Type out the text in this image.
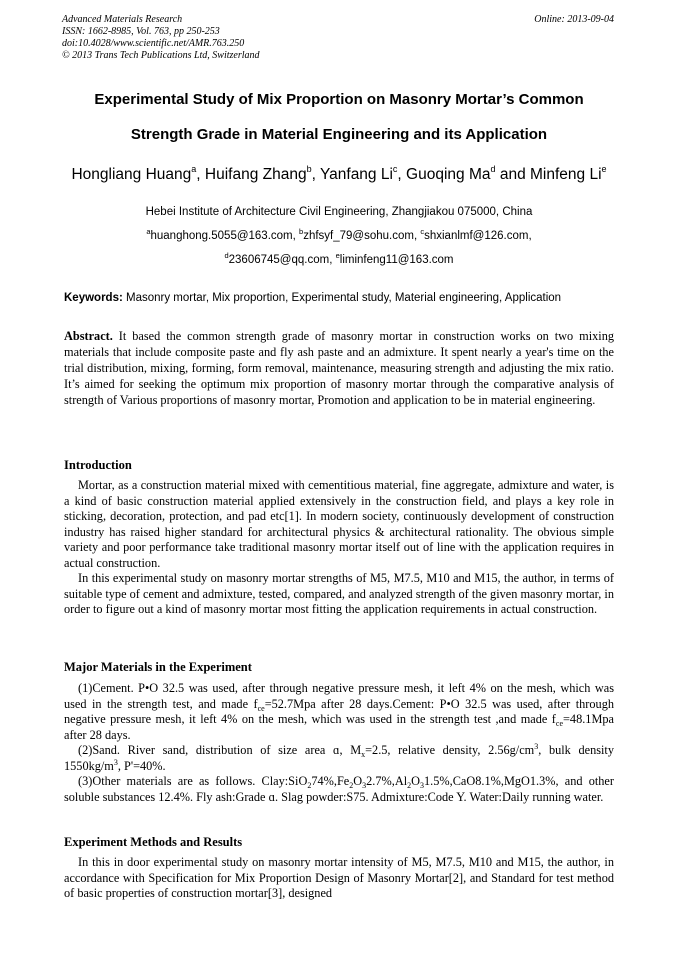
Advanced Materials Research
ISSN: 1662-8985, Vol. 763, pp 250-253
doi:10.4028/www.scientific.net/AMR.763.250
© 2013 Trans Tech Publications Ltd, Switzerland
Online: 2013-09-04
Experimental Study of Mix Proportion on Masonry Mortar’s Common
Strength Grade in Material Engineering and its Application
Hongliang Huang$^a$, Huifang Zhang$^b$, Yanfang Li$^c$, Guoqing Ma$^d$ and Minfeng Li$^e$
Hebei Institute of Architecture Civil Engineering, Zhangjiakou 075000, China
$^a$huanghong.5055@163.com, $^b$zhfsyf_79@sohu.com, $^c$shxianlmf@126.com,
$^d$23606745@qq.com, $^e$liminfeng11@163.com
Keywords: Masonry mortar, Mix proportion, Experimental study, Material engineering, Application
Abstract. It based the common strength grade of masonry mortar in construction works on two mixing materials that include composite paste and fly ash paste and an admixture. It spent nearly a year's time on the trial distribution, mixing, forming, form removal, maintenance, measuring strength and adjusting the mix ratio. It’s aimed for seeking the optimum mix proportion of masonry mortar through the comparative analysis of strength of Various proportions of masonry mortar, Promotion and application to be in material engineering.
Introduction

Mortar, as a construction material mixed with cementitious material, fine aggregate, admixture and water, is a kind of basic construction material applied extensively in the construction field, and plays a key role in sticking, decoration, protection, and pad etc[1]. In modern society, continuously development of construction industry has raised higher standard for architectural physics & architectural rationality. The obvious simple variety and poor performance take traditional masonry mortar itself out of line with the application requires in actual construction.

In this experimental study on masonry mortar strengths of M5, M7.5, M10 and M15, the author, in terms of suitable type of cement and admixture, tested, compared, and analyzed strength of the given masonry mortar, in order to figure out a kind of masonry mortar most fitting the application requirements in actual construction.

Major Materials in the Experiment

(1)Cement. P•O 32.5 was used, after through negative pressure mesh, it left 4% on the mesh, which was used in the strength test, and made $f_{ce}=52.7Mpa$ after 28 days.Cement: P•O 32.5 was used, after through negative pressure mesh, it left 4% on the mesh, which was used in the strength test ,and made $f_{ce}=48.1Mpa$ after 28 days.

(2)Sand. River sand, distribution of size area ɑ, $M_x=2.5$, relative density, $2.56g/cm^3$, bulk density $1550kg/m^3$, P'=40%.

(3)Other materials are as follows. $Clay:SiO_274\%,Fe_2O_32.7\%,Al_2O_31.5\%,CaO8.1\%,MgO1.3\%$, and other soluble substances 12.4%. Fly ash:Grade ɑ. Slag powder:S75. Admixture:Code Y. Water:Daily running water.

Experiment Methods and Results

In this in door experimental study on masonry mortar intensity of M5, M7.5, M10 and M15, the author, in accordance with Specification for Mix Proportion Design of Masonry Mortar[2], and Standard for test method of basic properties of construction mortar[3], designed
